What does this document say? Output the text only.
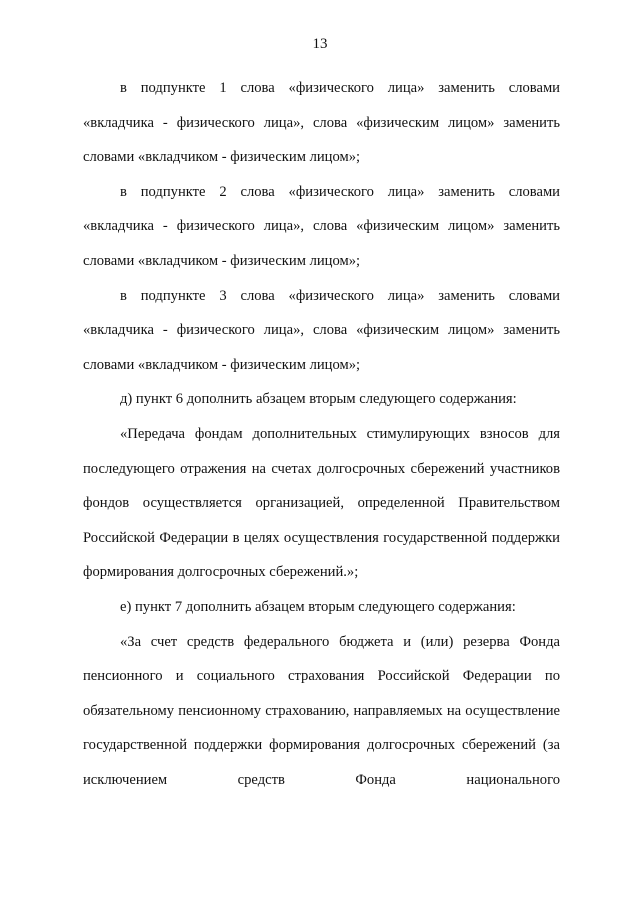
13

в подпункте 1 слова «физического лица» заменить словами «вкладчика - физического лица», слова «физическим лицом» заменить словами «вкладчиком - физическим лицом»;

в подпункте 2 слова «физического лица» заменить словами «вкладчика - физического лица», слова «физическим лицом» заменить словами «вкладчиком - физическим лицом»;

в подпункте 3 слова «физического лица» заменить словами «вкладчика - физического лица», слова «физическим лицом» заменить словами «вкладчиком - физическим лицом»;

д) пункт 6 дополнить абзацем вторым следующего содержания:

«Передача фондам дополнительных стимулирующих взносов для последующего отражения на счетах долгосрочных сбережений участников фондов осуществляется организацией, определенной Правительством Российской Федерации в целях осуществления государственной поддержки формирования долгосрочных сбережений.»;

е) пункт 7 дополнить абзацем вторым следующего содержания:

«За счет средств федерального бюджета и (или) резерва Фонда пенсионного и социального страхования Российской Федерации по обязательному пенсионному страхованию, направляемых на осуществление государственной поддержки формирования долгосрочных сбережений (за исключением средств Фонда национального
